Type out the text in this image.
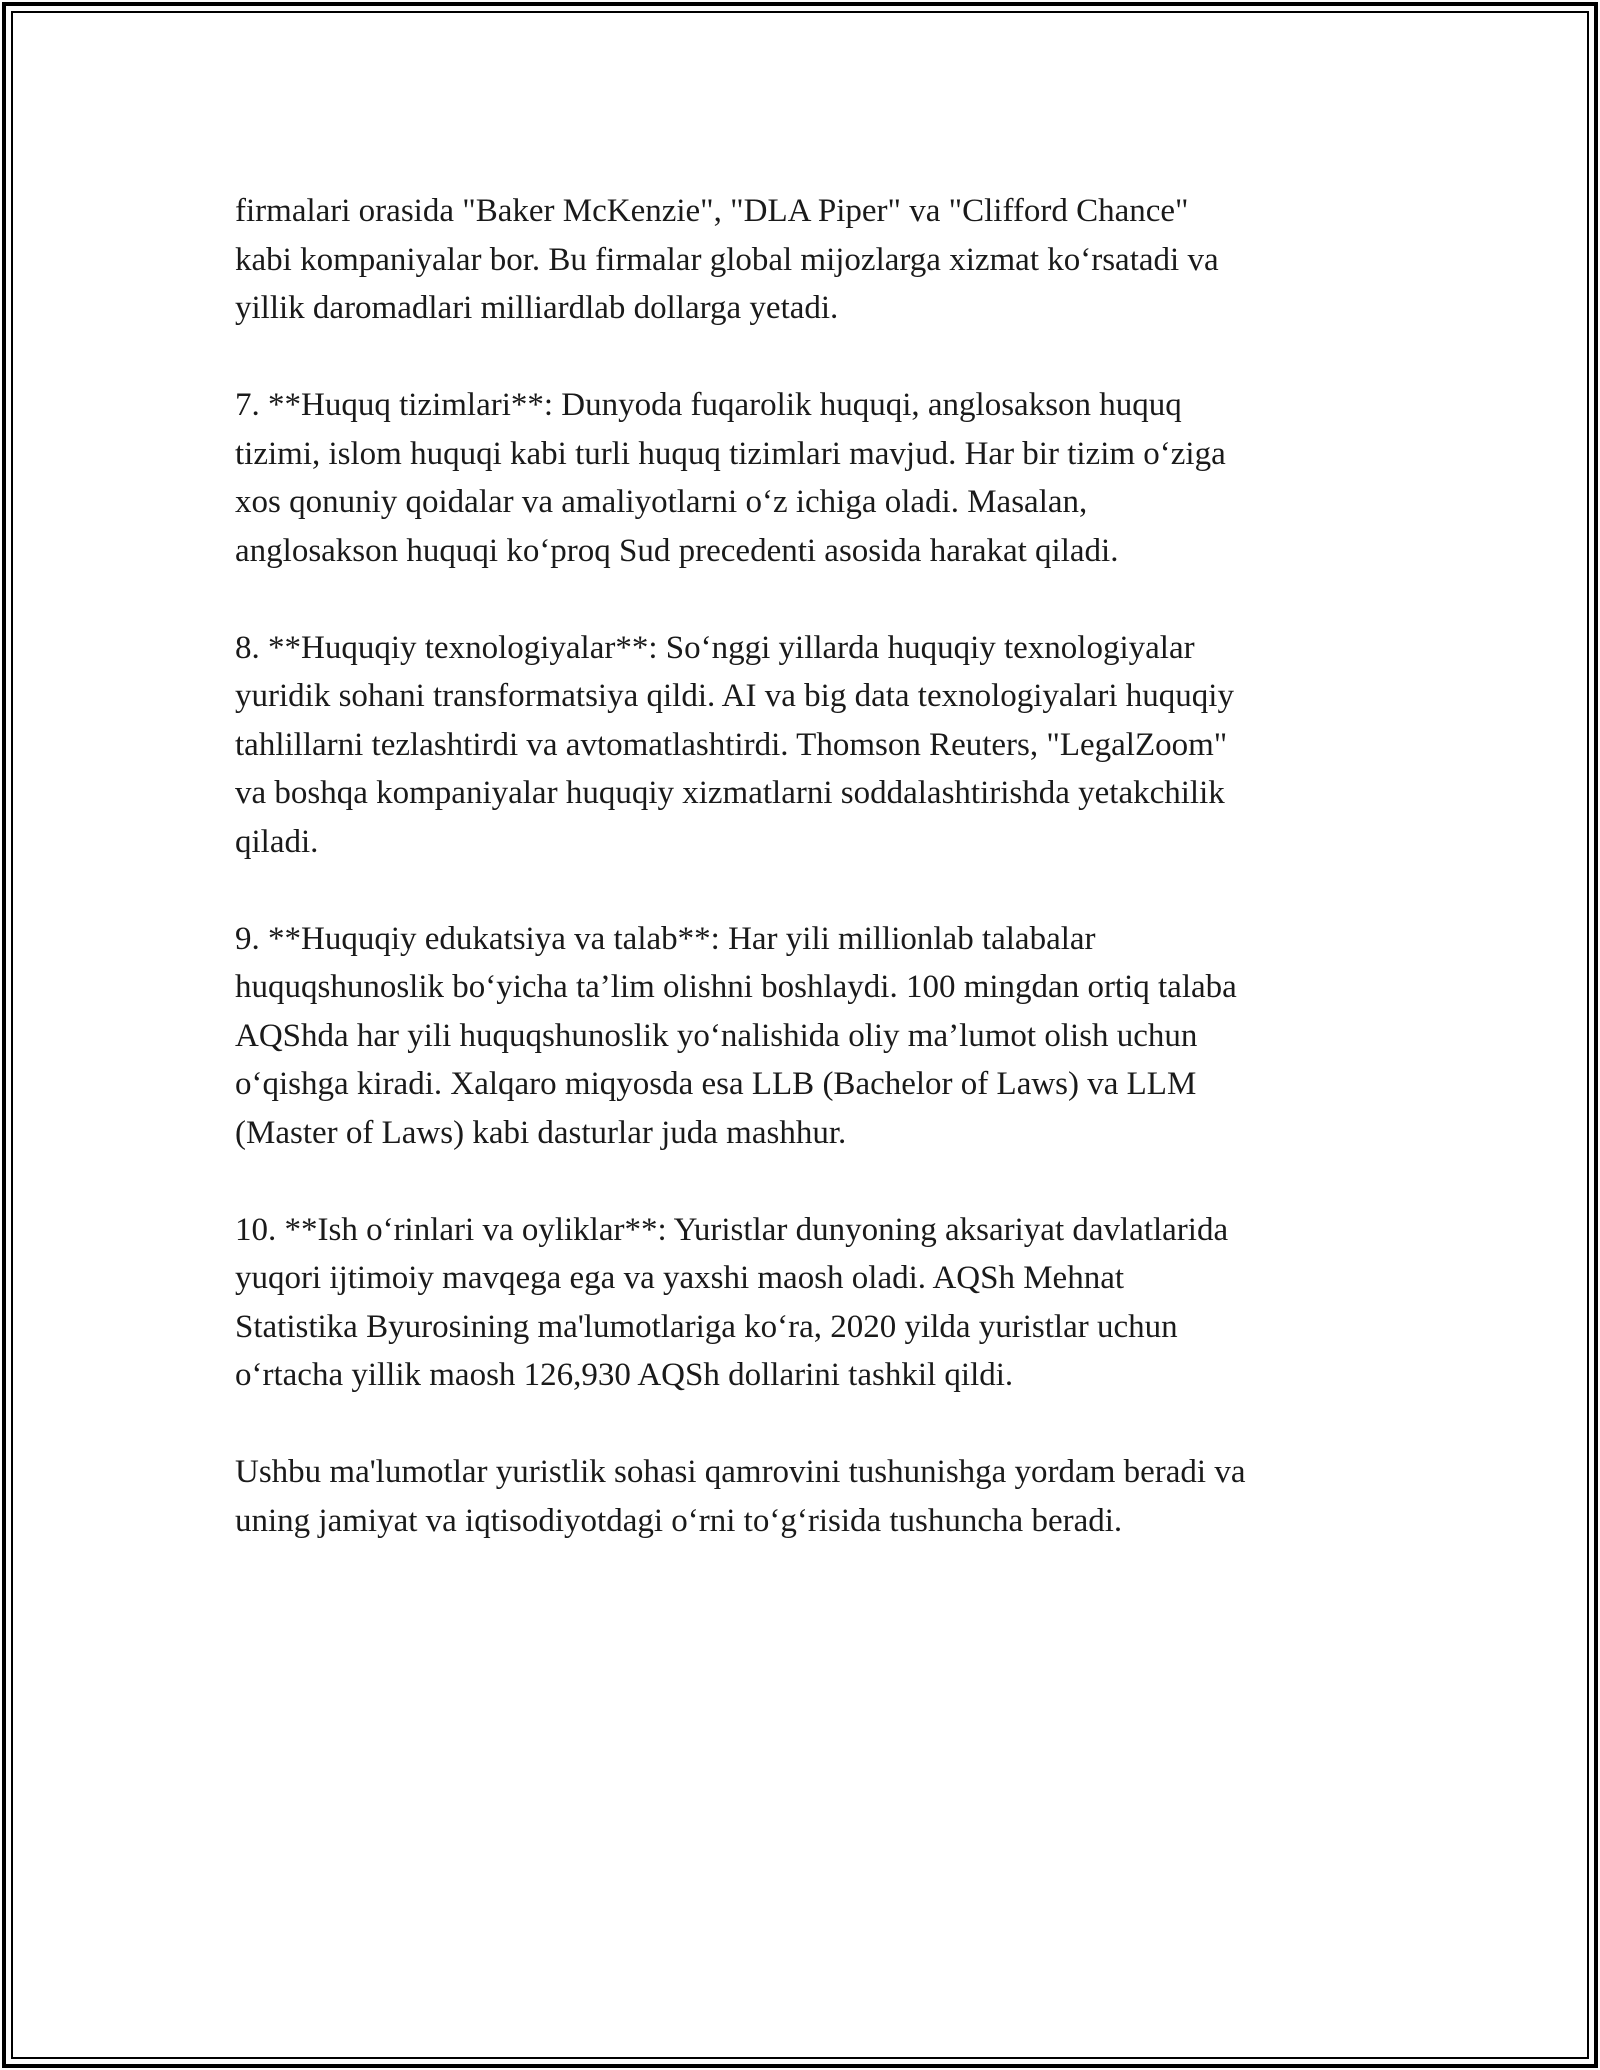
firmalari orasida "Baker McKenzie", "DLA Piper" va "Clifford Chance"
kabi kompaniyalar bor. Bu firmalar global mijozlarga xizmat ko‘rsatadi va
yillik daromadlari milliardlab dollarga yetadi.

7. **Huquq tizimlari**: Dunyoda fuqarolik huquqi, anglosakson huquq
tizimi, islom huquqi kabi turli huquq tizimlari mavjud. Har bir tizim o‘ziga
xos qonuniy qoidalar va amaliyotlarni o‘z ichiga oladi. Masalan,
anglosakson huquqi ko‘proq Sud precedenti asosida harakat qiladi.

8. **Huquqiy texnologiyalar**: So‘nggi yillarda huquqiy texnologiyalar
yuridik sohani transformatsiya qildi. AI va big data texnologiyalari huquqiy
tahlillarni tezlashtirdi va avtomatlashtirdi. Thomson Reuters, "LegalZoom"
va boshqa kompaniyalar huquqiy xizmatlarni soddalashtirishda yetakchilik
qiladi.

9. **Huquqiy edukatsiya va talab**: Har yili millionlab talabalar
huquqshunoslik bo‘yicha ta’lim olishni boshlaydi. 100 mingdan ortiq talaba
AQShda har yili huquqshunoslik yo‘nalishida oliy ma’lumot olish uchun
o‘qishga kiradi. Xalqaro miqyosda esa LLB (Bachelor of Laws) va LLM
(Master of Laws) kabi dasturlar juda mashhur.

10. **Ish o‘rinlari va oyliklar**: Yuristlar dunyoning aksariyat davlatlarida
yuqori ijtimoiy mavqega ega va yaxshi maosh oladi. AQSh Mehnat
Statistika Byurosining ma'lumotlariga ko‘ra, 2020 yilda yuristlar uchun
o‘rtacha yillik maosh 126,930 AQSh dollarini tashkil qildi.

Ushbu ma'lumotlar yuristlik sohasi qamrovini tushunishga yordam beradi va
uning jamiyat va iqtisodiyotdagi o‘rni to‘g‘risida tushuncha beradi.
